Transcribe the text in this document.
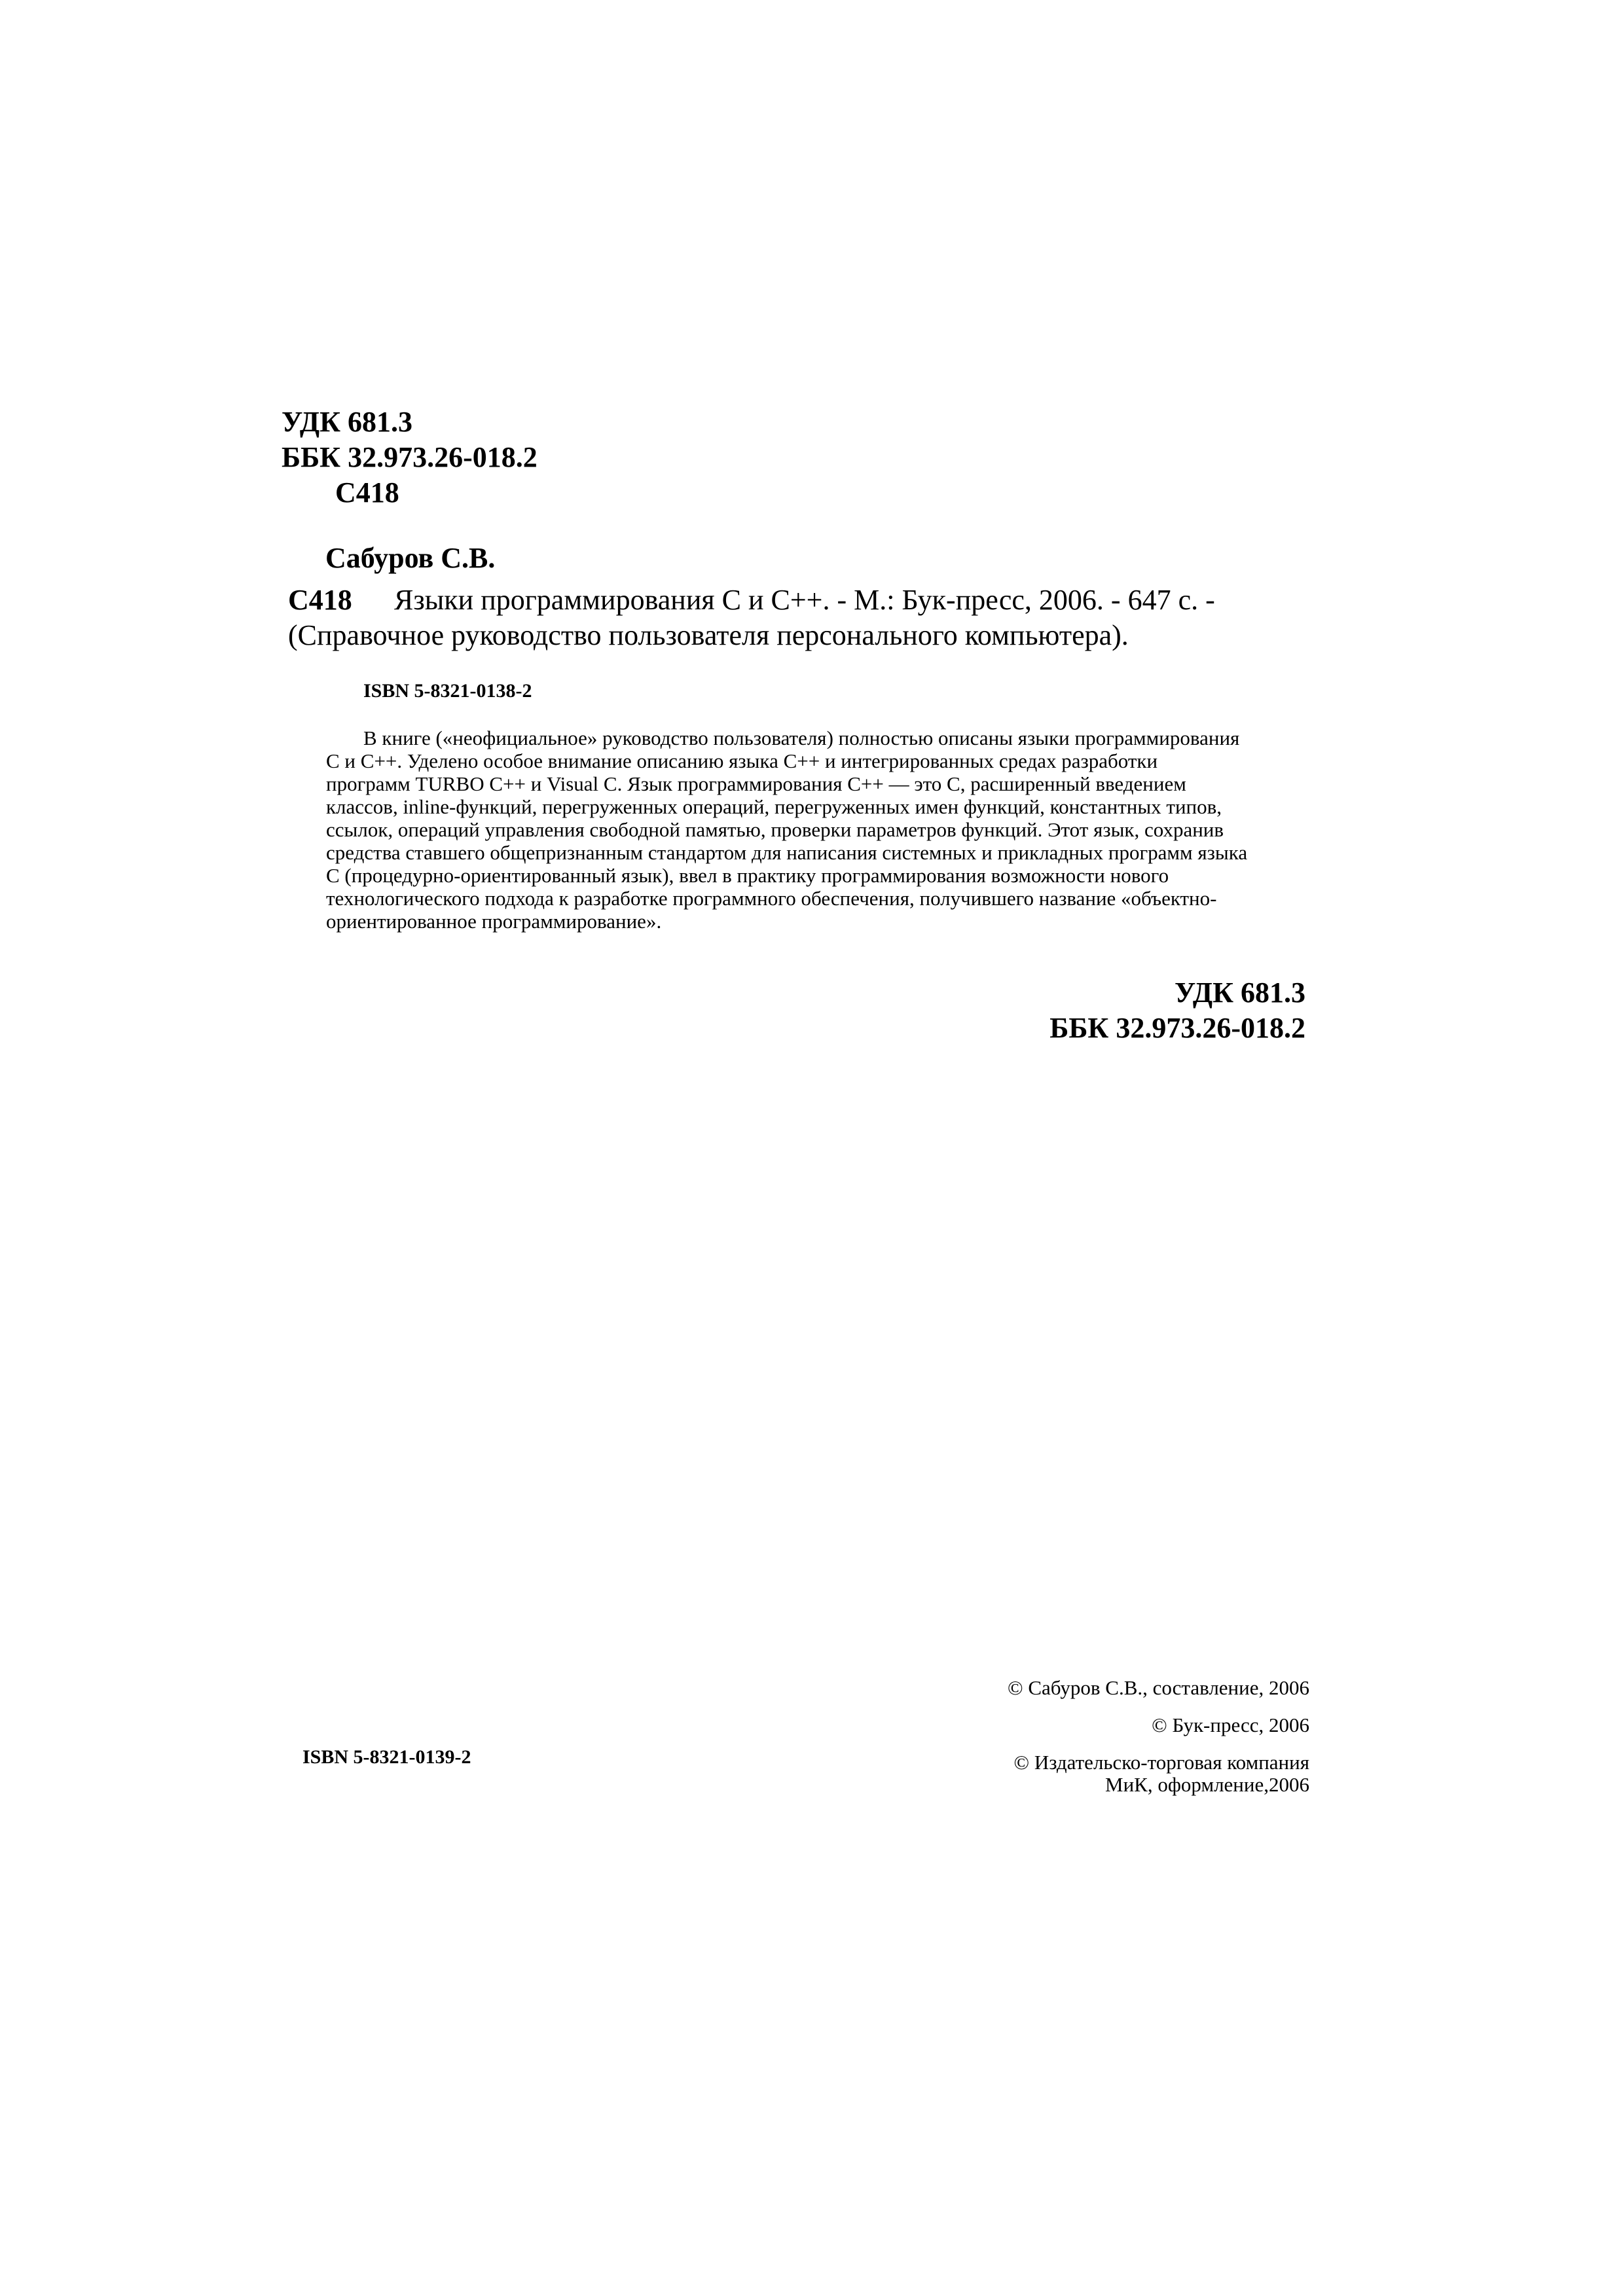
УДК 681.3
ББК 32.973.26-018.2
C418
Сабуров С.В.
C418 Языки программирования C и C++. - М.: Бук-пресс, 2006. - 647 с. -
(Справочное руководство пользователя персонального компьютера).
ISBN 5-8321-0138-2
В книге («неофициальное» руководство пользователя) полностью описаны языки программирования
С и С++. Уделено особое внимание описанию языка С++ и интегрированных средах разработки
программ TURBO С++ и Visual С. Язык программирования С++ — это С, расширенный введением
классов, inline-функций, перегруженных операций, перегруженных имен функций, константных типов,
ссылок, операций управления свободной памятью, проверки параметров функций. Этот язык, сохранив
средства ставшего общепризнанным стандартом для написания системных и прикладных программ языка
С (процедурно-ориентированный язык), ввел в практику программирования возможности нового
технологического подхода к разработке программного обеспечения, получившего название «объектно-
ориентированное программирование».
УДК 681.3
ББК 32.973.26-018.2
ISBN 5-8321-0139-2
© Сабуров С.В., составление, 2006
© Бук-пресс, 2006
© Издательско-торговая компания
МиК, оформление,2006
